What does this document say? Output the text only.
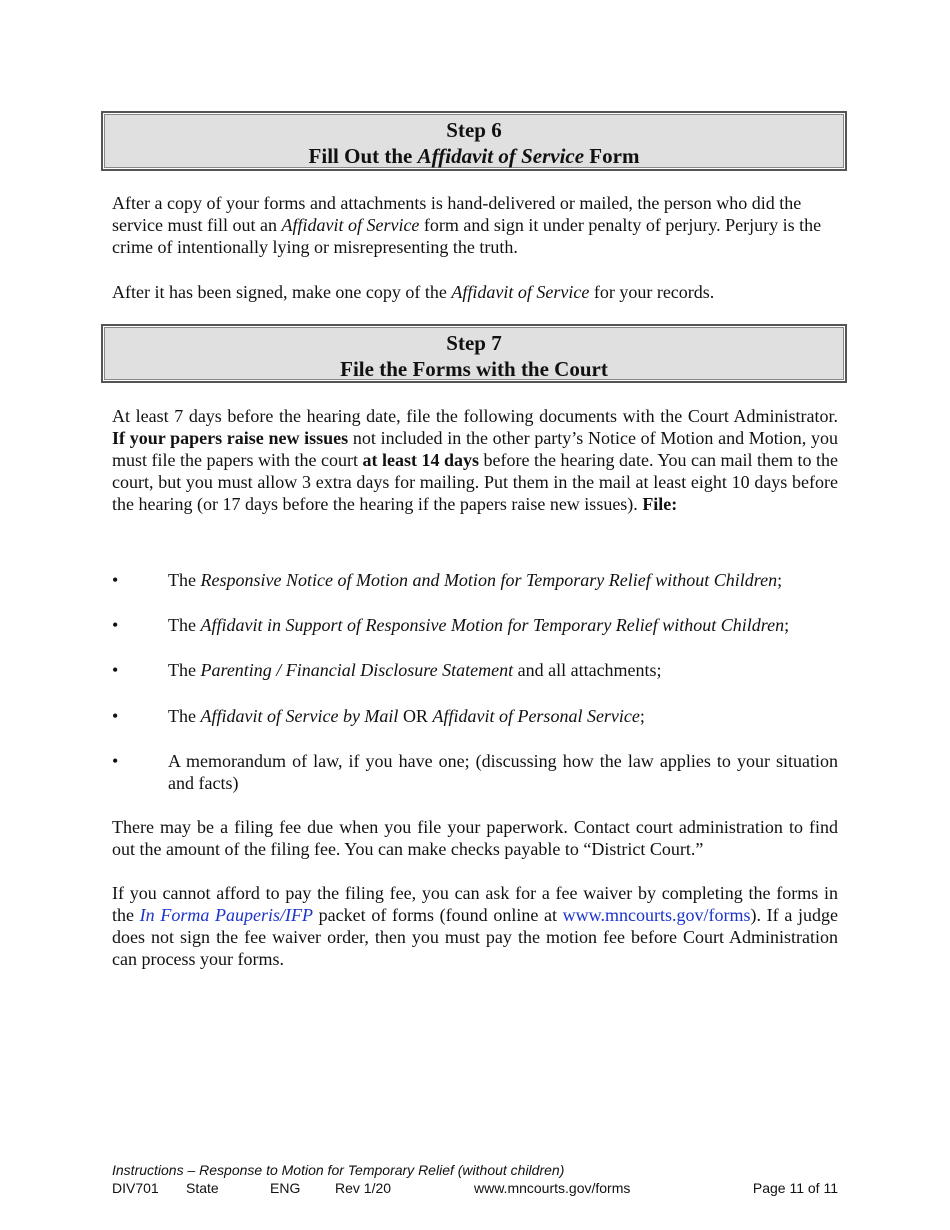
Step 6
Fill Out the Affidavit of Service Form
After a copy of your forms and attachments is hand-delivered or mailed, the person who did the service must fill out an Affidavit of Service form and sign it under penalty of perjury. Perjury is the crime of intentionally lying or misrepresenting the truth.
After it has been signed, make one copy of the Affidavit of Service for your records.
Step 7
File the Forms with the Court
At least 7 days before the hearing date, file the following documents with the Court Administrator. If your papers raise new issues not included in the other party’s Notice of Motion and Motion, you must file the papers with the court at least 14 days before the hearing date. You can mail them to the court, but you must allow 3 extra days for mailing. Put them in the mail at least eight 10 days before the hearing (or 17 days before the hearing if the papers raise new issues). File:
•	The Responsive Notice of Motion and Motion for Temporary Relief without Children;
•	The Affidavit in Support of Responsive Motion for Temporary Relief without Children;
•	The Parenting / Financial Disclosure Statement and all attachments;
•	The Affidavit of Service by Mail OR Affidavit of Personal Service;
•	A memorandum of law, if you have one; (discussing how the law applies to your situation and facts)
There may be a filing fee due when you file your paperwork. Contact court administration to find out the amount of the filing fee. You can make checks payable to “District Court.”
If you cannot afford to pay the filing fee, you can ask for a fee waiver by completing the forms in the In Forma Pauperis/IFP packet of forms (found online at www.mncourts.gov/forms). If a judge does not sign the fee waiver order, then you must pay the motion fee before Court Administration can process your forms.
Instructions – Response to Motion for Temporary Relief (without children)
DIV701 State	ENG Rev 1/20	www.mncourts.gov/forms	Page 11 of 11
